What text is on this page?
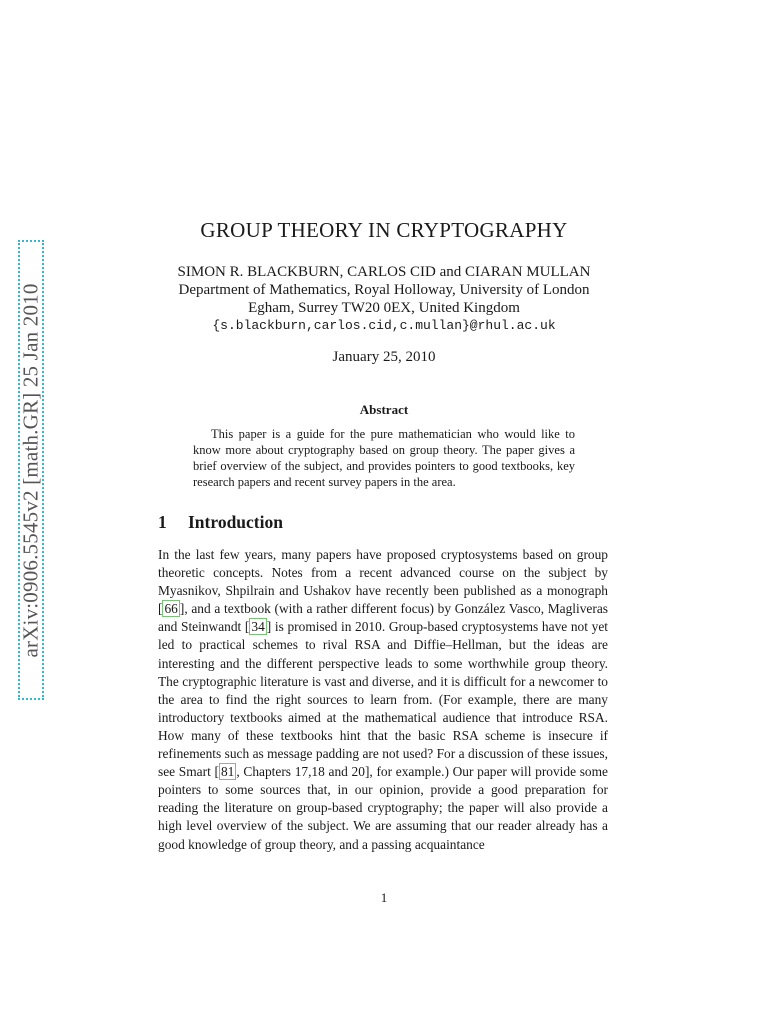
arXiv:0906.5545v2 [math.GR] 25 Jan 2010
GROUP THEORY IN CRYPTOGRAPHY
SIMON R. BLACKBURN, CARLOS CID and CIARAN MULLAN
Department of Mathematics, Royal Holloway, University of London
Egham, Surrey TW20 0EX, United Kingdom
{s.blackburn,carlos.cid,c.mullan}@rhul.ac.uk
January 25, 2010
Abstract
This paper is a guide for the pure mathematician who would like to know more about cryptography based on group theory. The paper gives a brief overview of the subject, and provides pointers to good textbooks, key research papers and recent survey papers in the area.
1 Introduction
In the last few years, many papers have proposed cryptosystems based on group theoretic concepts. Notes from a recent advanced course on the subject by Myasnikov, Shpilrain and Ushakov have recently been published as a monograph [ 66 ], and a textbook (with a rather different focus) by González Vasco, Magliveras and Steinwandt [ 34 ] is promised in 2010. Group-based cryptosystems have not yet led to practical schemes to rival RSA and Diffie–Hellman, but the ideas are interesting and the different perspective leads to some worthwhile group theory. The cryptographic literature is vast and diverse, and it is difficult for a newcomer to the area to find the right sources to learn from. (For example, there are many introductory textbooks aimed at the mathematical audience that introduce RSA. How many of these textbooks hint that the basic RSA scheme is insecure if refinements such as message padding are not used? For a discussion of these issues, see Smart [ 81 , Chapters 17,18 and 20], for example.) Our paper will provide some pointers to some sources that, in our opinion, provide a good preparation for reading the literature on group-based cryptography; the paper will also provide a high level overview of the subject. We are assuming that our reader already has a good knowledge of group theory, and a passing acquaintance
1
